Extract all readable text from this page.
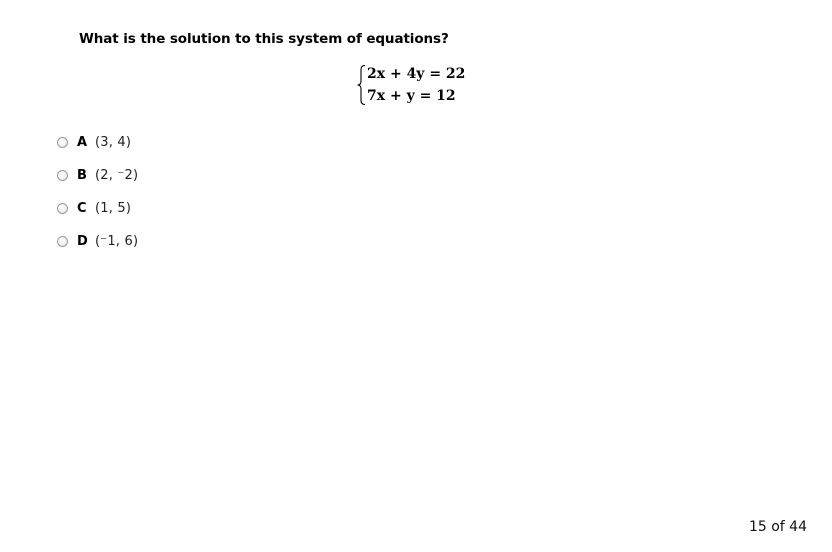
What is the solution to this system of equations?
2x + 4y = 22
7x + y = 12
A (3, 4)
B (2, ⁻2)
C (1, 5)
D (⁻1, 6)
15 of 44
